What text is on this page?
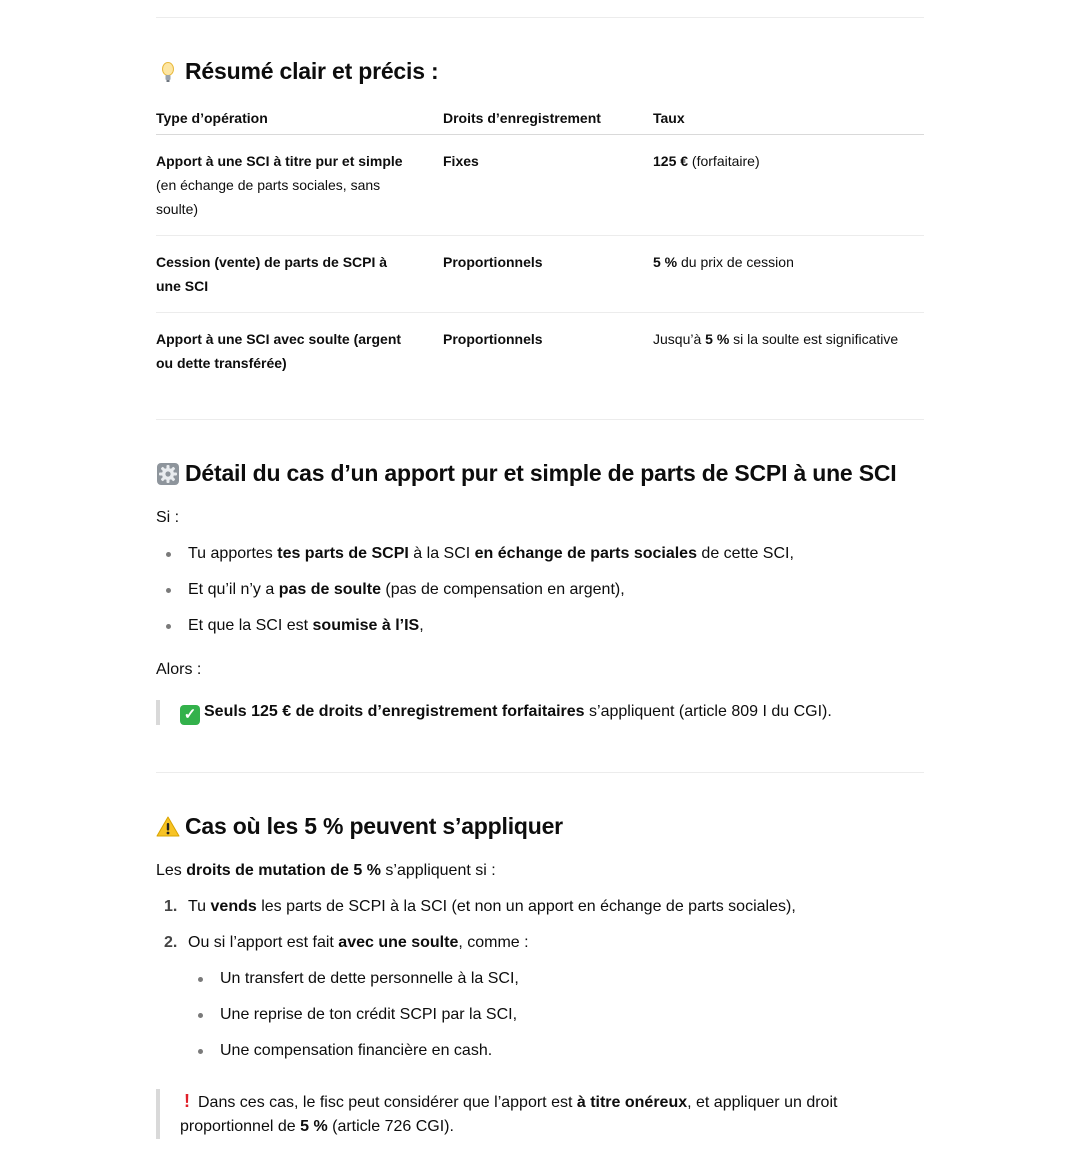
Résumé clair et précis :
Type d’opération	Droits d’enregistrement	Taux
Apport à une SCI à titre pur et simple
(en échange de parts sociales, sans soulte)	Fixes	125 € (forfaitaire)
Cession (vente) de parts de SCPI à une SCI	Proportionnels	5 % du prix de cession
Apport à une SCI avec soulte (argent ou dette transférée)	Proportionnels	Jusqu’à 5 % si la soulte est significative
Détail du cas d’un apport pur et simple de parts de SCPI à une SCI

Si :

Tu apportes tes parts de SCPI à la SCI en échange de parts sociales de cette SCI,
Et qu’il n’y a pas de soulte (pas de compensation en argent),
Et que la SCI est soumise à l’IS,

Alors :

✓ Seuls 125 € de droits d’enregistrement forfaitaires s’appliquent (article 809 I du CGI).
Cas où les 5 % peuvent s’appliquer

Les droits de mutation de 5 % s’appliquent si :

1. Tu vends les parts de SCPI à la SCI (et non un apport en échange de parts sociales),
2. Ou si l’apport est fait avec une soulte, comme :
Un transfert de dette personnelle à la SCI,
Une reprise de ton crédit SCPI par la SCI,
Une compensation financière en cash.
! Dans ces cas, le fisc peut considérer que l’apport est à titre onéreux, et appliquer un droit proportionnel de 5 % (article 726 CGI).
